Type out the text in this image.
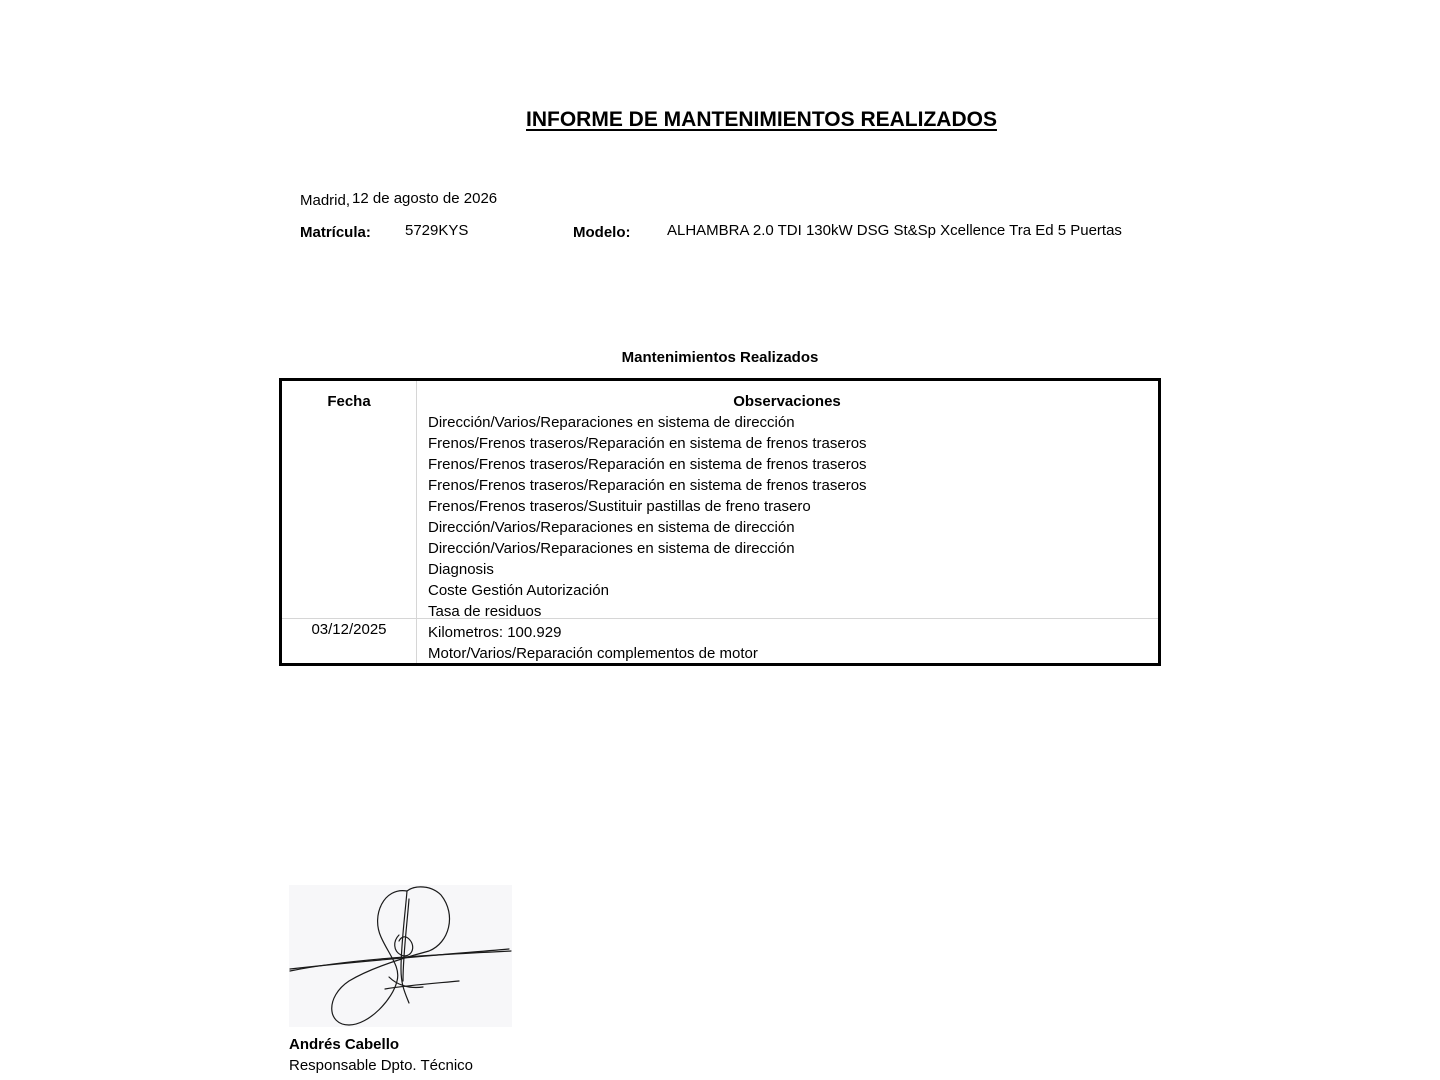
INFORME DE MANTENIMIENTOS REALIZADOS
Madrid, 12 de agosto de 2026
Matrícula: 5729KYS	Modelo: ALHAMBRA 2.0 TDI 130kW DSG St&Sp Xcellence Tra Ed 5 Puertas
Mantenimientos Realizados
Fecha	Observaciones
Dirección/Varios/Reparaciones en sistema de dirección
Frenos/Frenos traseros/Reparación en sistema de frenos traseros
Frenos/Frenos traseros/Reparación en sistema de frenos traseros
Frenos/Frenos traseros/Reparación en sistema de frenos traseros
Frenos/Frenos traseros/Sustituir pastillas de freno trasero
Dirección/Varios/Reparaciones en sistema de dirección
Dirección/Varios/Reparaciones en sistema de dirección
Diagnosis
Coste Gestión Autorización
Tasa de residuos
03/12/2025	Kilometros: 100.929
Motor/Varios/Reparación complementos de motor
Andrés Cabello
Responsable Dpto. Técnico
